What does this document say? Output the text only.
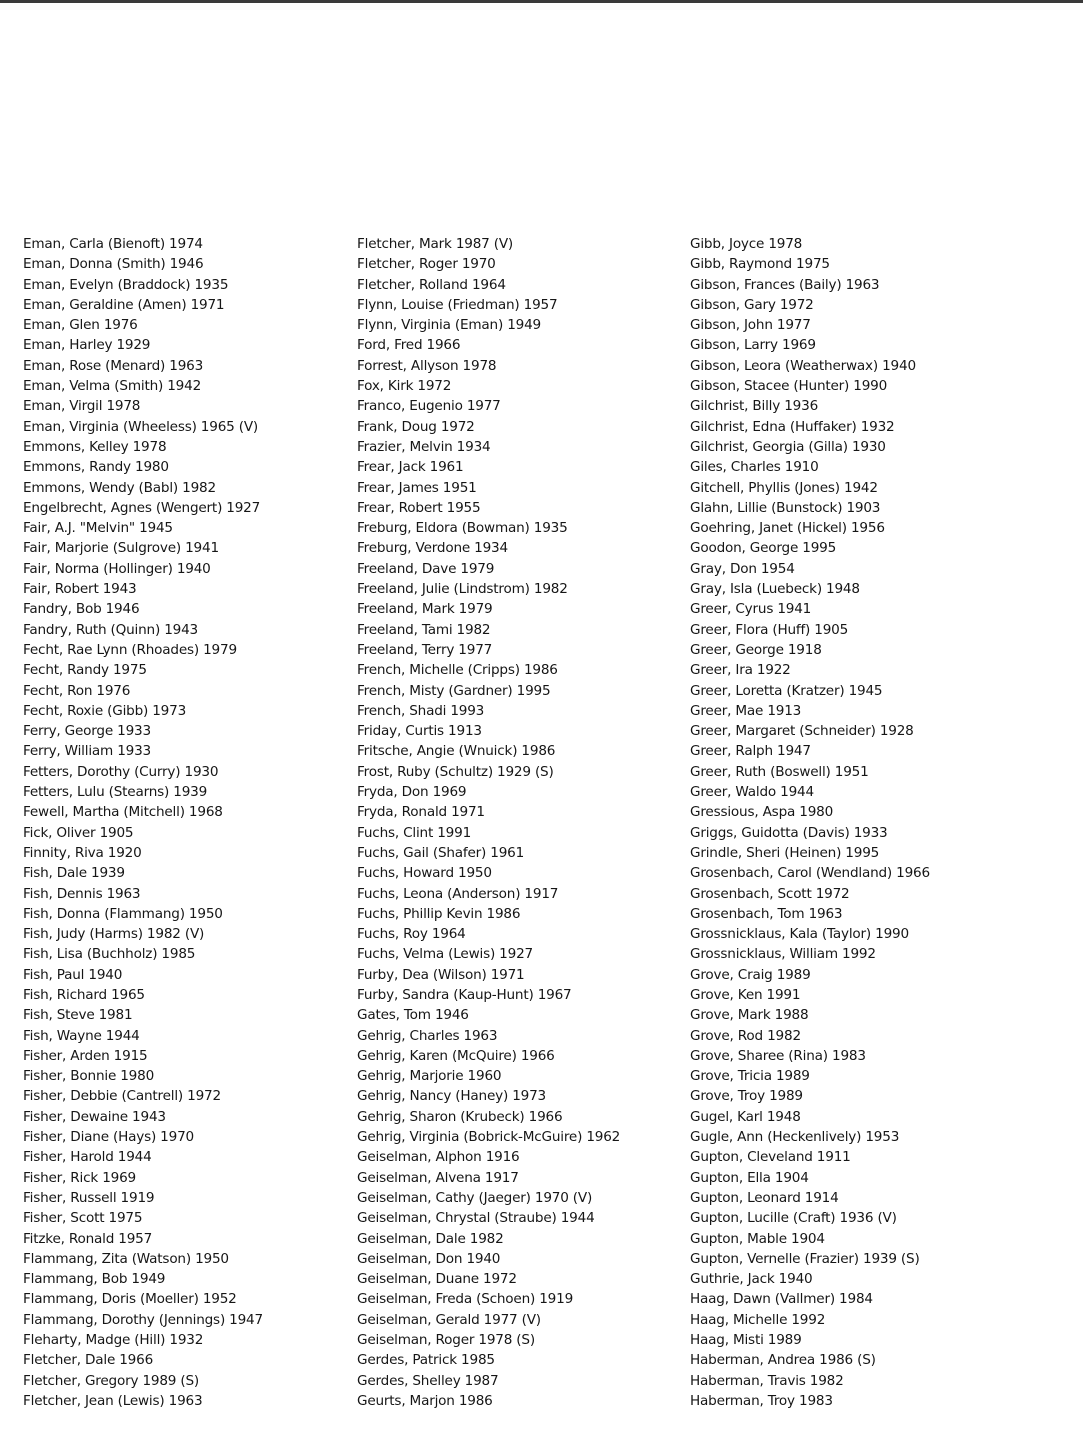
Eman, Carla (Bienoft) 1974
Eman, Donna (Smith) 1946
Eman, Evelyn (Braddock) 1935
Eman, Geraldine (Amen) 1971
Eman, Glen 1976
Eman, Harley 1929
Eman, Rose (Menard) 1963
Eman, Velma (Smith) 1942
Eman, Virgil 1978
Eman, Virginia (Wheeless) 1965 (V)
Emmons, Kelley 1978
Emmons, Randy 1980
Emmons, Wendy (Babl) 1982
Engelbrecht, Agnes (Wengert) 1927
Fair, A.J. "Melvin" 1945
Fair, Marjorie (Sulgrove) 1941
Fair, Norma (Hollinger) 1940
Fair, Robert 1943
Fandry, Bob 1946
Fandry, Ruth (Quinn) 1943
Fecht, Rae Lynn (Rhoades) 1979
Fecht, Randy 1975
Fecht, Ron 1976
Fecht, Roxie (Gibb) 1973
Ferry, George 1933
Ferry, William 1933
Fetters, Dorothy (Curry) 1930
Fetters, Lulu (Stearns) 1939
Fewell, Martha (Mitchell) 1968
Fick, Oliver 1905
Finnity, Riva 1920
Fish, Dale 1939
Fish, Dennis 1963
Fish, Donna (Flammang) 1950
Fish, Judy (Harms) 1982 (V)
Fish, Lisa (Buchholz) 1985
Fish, Paul 1940
Fish, Richard 1965
Fish, Steve 1981
Fish, Wayne 1944
Fisher, Arden 1915
Fisher, Bonnie 1980
Fisher, Debbie (Cantrell) 1972
Fisher, Dewaine 1943
Fisher, Diane (Hays) 1970
Fisher, Harold 1944
Fisher, Rick 1969
Fisher, Russell 1919
Fisher, Scott 1975
Fitzke, Ronald 1957
Flammang, Zita (Watson) 1950
Flammang, Bob 1949
Flammang, Doris (Moeller) 1952
Flammang, Dorothy (Jennings) 1947
Fleharty, Madge (Hill) 1932
Fletcher, Dale 1966
Fletcher, Gregory 1989 (S)
Fletcher, Jean (Lewis) 1963
Fletcher, Mark 1987 (V)
Fletcher, Roger 1970
Fletcher, Rolland 1964
Flynn, Louise (Friedman) 1957
Flynn, Virginia (Eman) 1949
Ford, Fred 1966
Forrest, Allyson 1978
Fox, Kirk 1972
Franco, Eugenio 1977
Frank, Doug 1972
Frazier, Melvin 1934
Frear, Jack 1961
Frear, James 1951
Frear, Robert 1955
Freburg, Eldora (Bowman) 1935
Freburg, Verdone 1934
Freeland, Dave 1979
Freeland, Julie (Lindstrom) 1982
Freeland, Mark 1979
Freeland, Tami 1982
Freeland, Terry 1977
French, Michelle (Cripps) 1986
French, Misty (Gardner) 1995
French, Shadi 1993
Friday, Curtis 1913
Fritsche, Angie (Wnuick) 1986
Frost, Ruby (Schultz) 1929 (S)
Fryda, Don 1969
Fryda, Ronald 1971
Fuchs, Clint 1991
Fuchs, Gail (Shafer) 1961
Fuchs, Howard 1950
Fuchs, Leona (Anderson) 1917
Fuchs, Phillip Kevin 1986
Fuchs, Roy 1964
Fuchs, Velma (Lewis) 1927
Furby, Dea (Wilson) 1971
Furby, Sandra (Kaup-Hunt) 1967
Gates, Tom 1946
Gehrig, Charles 1963
Gehrig, Karen (McQuire) 1966
Gehrig, Marjorie 1960
Gehrig, Nancy (Haney) 1973
Gehrig, Sharon (Krubeck) 1966
Gehrig, Virginia (Bobrick-McGuire) 1962
Geiselman, Alphon 1916
Geiselman, Alvena 1917
Geiselman, Cathy (Jaeger) 1970 (V)
Geiselman, Chrystal (Straube) 1944
Geiselman, Dale 1982
Geiselman, Don 1940
Geiselman, Duane 1972
Geiselman, Freda (Schoen) 1919
Geiselman, Gerald 1977 (V)
Geiselman, Roger 1978 (S)
Gerdes, Patrick 1985
Gerdes, Shelley 1987
Geurts, Marjon 1986
Gibb, Joyce 1978
Gibb, Raymond 1975
Gibson, Frances (Baily) 1963
Gibson, Gary 1972
Gibson, John 1977
Gibson, Larry 1969
Gibson, Leora (Weatherwax) 1940
Gibson, Stacee (Hunter) 1990
Gilchrist, Billy 1936
Gilchrist, Edna (Huffaker) 1932
Gilchrist, Georgia (Gilla) 1930
Giles, Charles 1910
Gitchell, Phyllis (Jones) 1942
Glahn, Lillie (Bunstock) 1903
Goehring, Janet (Hickel) 1956
Goodon, George 1995
Gray, Don 1954
Gray, Isla (Luebeck) 1948
Greer, Cyrus 1941
Greer, Flora (Huff) 1905
Greer, George 1918
Greer, Ira 1922
Greer, Loretta (Kratzer) 1945
Greer, Mae 1913
Greer, Margaret (Schneider) 1928
Greer, Ralph 1947
Greer, Ruth (Boswell) 1951
Greer, Waldo 1944
Gressious, Aspa 1980
Griggs, Guidotta (Davis) 1933
Grindle, Sheri (Heinen) 1995
Grosenbach, Carol (Wendland) 1966
Grosenbach, Scott 1972
Grosenbach, Tom 1963
Grossnicklaus, Kala (Taylor) 1990
Grossnicklaus, William 1992
Grove, Craig 1989
Grove, Ken 1991
Grove, Mark 1988
Grove, Rod 1982
Grove, Sharee (Rina) 1983
Grove, Tricia 1989
Grove, Troy 1989
Gugel, Karl 1948
Gugle, Ann (Heckenlively) 1953
Gupton, Cleveland 1911
Gupton, Ella 1904
Gupton, Leonard 1914
Gupton, Lucille (Craft) 1936 (V)
Gupton, Mable 1904
Gupton, Vernelle (Frazier) 1939 (S)
Guthrie, Jack 1940
Haag, Dawn (Vallmer) 1984
Haag, Michelle 1992
Haag, Misti 1989
Haberman, Andrea 1986 (S)
Haberman, Travis 1982
Haberman, Troy 1983
